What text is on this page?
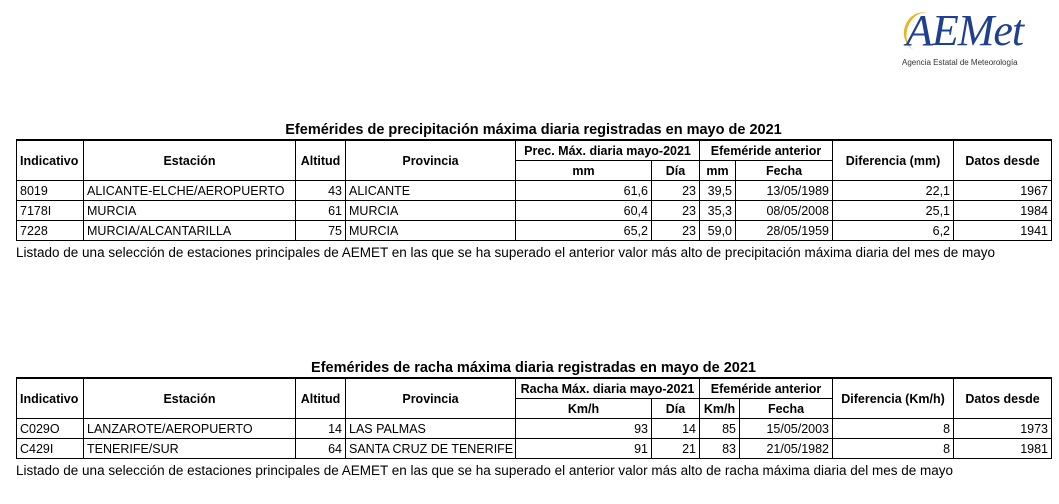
AEMet
Agencia Estatal de Meteorología
Efemérides de precipitación máxima diaria registradas en mayo de 2021
Indicativo	Estación	Altitud	Provincia	Prec. Máx. diaria mayo-2021		Efeméride anterior		Diferencia (mm)	Datos desde
				mm	Día	mm	Fecha		
8019	ALICANTE-ELCHE/AEROPUERTO	43	ALICANTE	61,6	23	39,5	13/05/1989	22,1	1967
7178I	MURCIA	61	MURCIA	60,4	23	35,3	08/05/2008	25,1	1984
7228	MURCIA/ALCANTARILLA	75	MURCIA	65,2	23	59,0	28/05/1959	6,2	1941
Listado de una selección de estaciones principales de AEMET en las que se ha superado el anterior valor más alto de precipitación máxima diaria del mes de mayo
Efemérides de racha máxima diaria registradas en mayo de 2021
Indicativo	Estación	Altitud	Provincia	Racha Máx. diaria mayo-2021		Efeméride anterior		Diferencia (Km/h)	Datos desde
				Km/h	Día	Km/h	Fecha		
C029O	LANZAROTE/AEROPUERTO	14	LAS PALMAS	93	14	85	15/05/2003	8	1973
C429I	TENERIFE/SUR	64	SANTA CRUZ DE TENERIFE	91	21	83	21/05/1982	8	1981
Listado de una selección de estaciones principales de AEMET en las que se ha superado el anterior valor más alto de racha máxima diaria del mes de mayo
